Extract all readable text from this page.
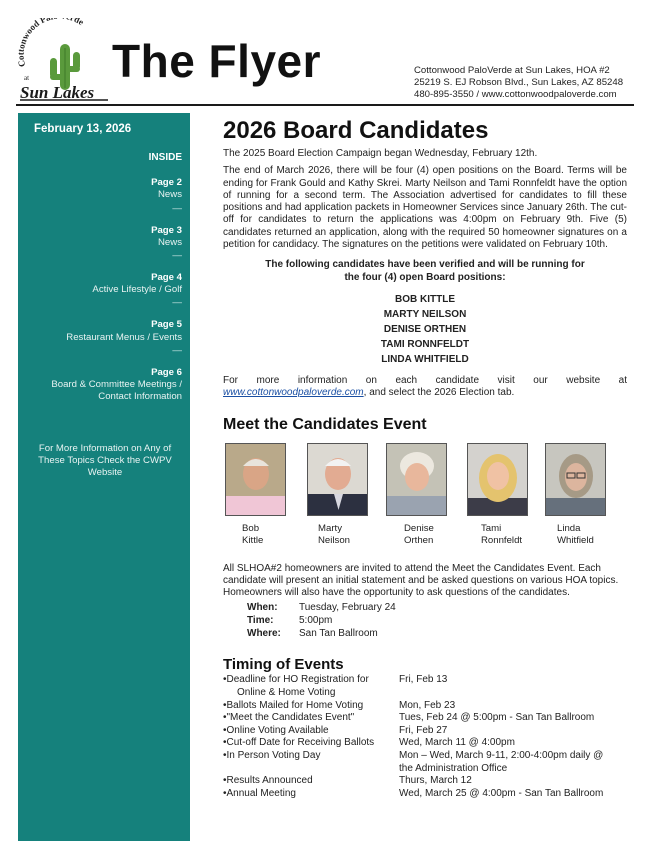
Cottonwood P de
at
Sun Lakes
The Flyer	Cottonwood PaloVerde at Sun Lakes, HOA #2
25219 S. EJ Robson Blvd., Sun Lakes, AZ 85248
480-895-3550 / www.cottonwoodpaloverde.com
February 13, 2026
INSIDE
Page 2
News
—
Page 3
News
—
Page 4
Active Lifestyle / Golf
—
Page 5
Restaurant Menus / Events
—
Page 6
Board & Committee Meetings / Contact Information
For More Information on Any of These Topics Check the CWPV Website
2026 Board Candidates

The 2025 Board Election Campaign began Wednesday, February 12th.

The end of March 2026, there will be four (4) open positions on the Board. Terms will be ending for Frank Gould and Kathy Skrei. Marty Neilson and Tami Ronnfeldt have the option of running for a second term. The Association advertised for candidates to fill these positions and had application packets in Homeowner Services since January 26th. The cut-off for candidates to return the applications was 4:00pm on February 9th. Five (5) candidates returned an application, along with the required 50 homeowner signatures on a petition for candidacy. The signatures on the petitions were validated on February 10th.

The following candidates have been verified and will be running for the four (4) open Board positions:

BOB KITTLE
MARTY NEILSON
DENISE ORTHEN
TAMI RONNFELDT
LINDA WHITFIELD

For more information on each candidate visit our website at www.cottonwoodpaloverde.com, and select the 2026 Election tab.

Meet the Candidates Event
Bob
Kittle
Marty
Neilson
Denise
Orthen
Tami
Ronnfeldt
Linda
Whitfield

All SLHOA#2 homeowners are invited to attend the Meet the Candidates Event. Each candidate will present an initial statement and be asked questions on various HOA topics. Homeowners will also have the opportunity to ask questions of the candidates.

When:	Tuesday, February 24
Time:	5:00pm
Where:	San Tan Ballroom
Timing of Events
•Deadline for HO Registration for	Fri, Feb 13
Online & Home Voting
•Ballots Mailed for Home Voting	Mon, Feb 23
•"Meet the Candidates Event"	Tues, Feb 24 @ 5:00pm - San Tan Ballroom
•Online Voting Available	Fri, Feb 27
•Cut-off Date for Receiving Ballots	Wed, March 11 @ 4:00pm
•In Person Voting Day	Mon – Wed, March 9-11, 2:00-4:00pm daily @
the Administration Office
•Results Announced	Thurs, March 12
•Annual Meeting	Wed, March 25 @ 4:00pm - San Tan Ballroom
